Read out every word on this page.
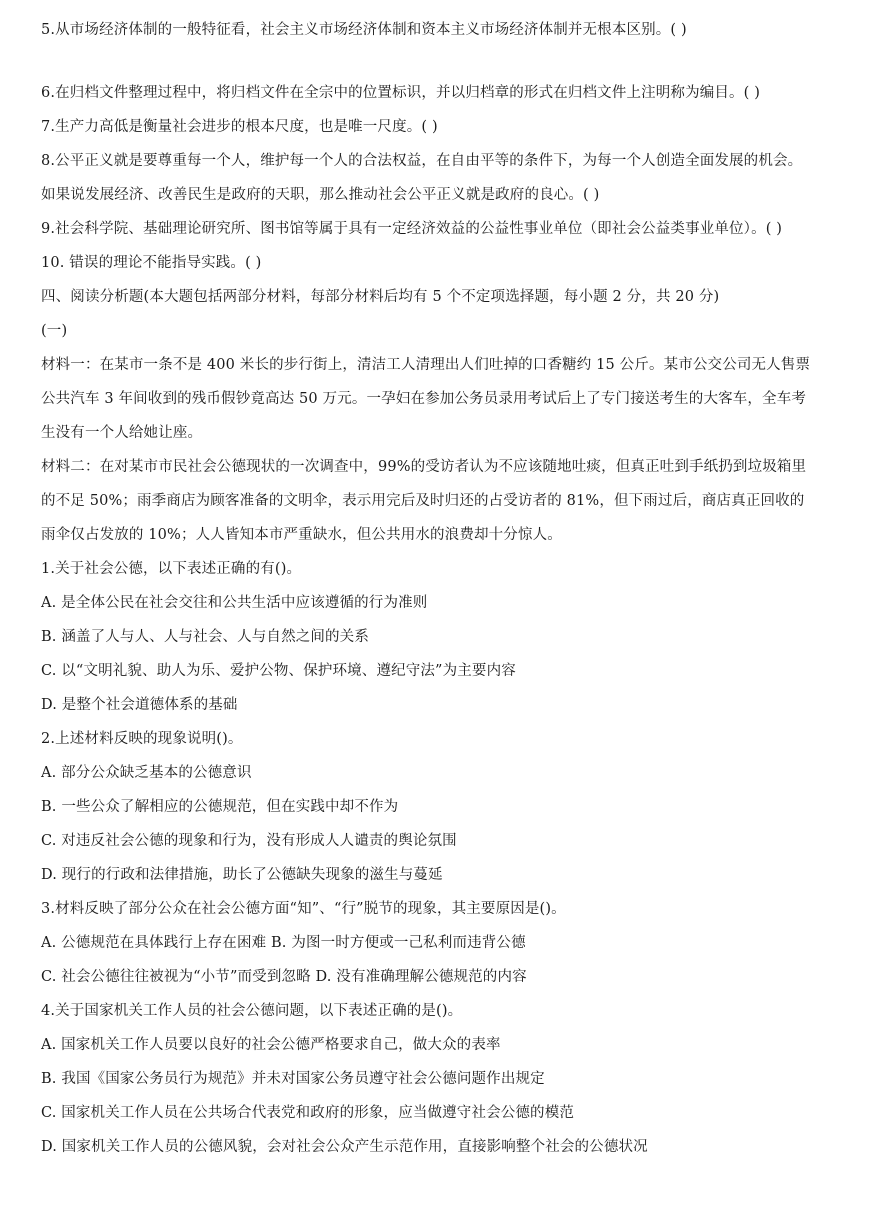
5.从市场经济体制的一般特征看，社会主义市场经济体制和资本主义市场经济体制并无根本区别。( )
6.在归档文件整理过程中，将归档文件在全宗中的位置标识，并以归档章的形式在归档文件上注明称为编目。( )
7.生产力高低是衡量社会进步的根本尺度，也是唯一尺度。( )
8.公平正义就是要尊重每一个人，维护每一个人的合法权益，在自由平等的条件下，为每一个人创造全面发展的机会。
如果说发展经济、改善民生是政府的天职，那么推动社会公平正义就是政府的良心。( )
9.社会科学院、基础理论研究所、图书馆等属于具有一定经济效益的公益性事业单位（即社会公益类事业单位）。( )
10. 错误的理论不能指导实践。( )
四、阅读分析题(本大题包括两部分材料，每部分材料后均有 5 个不定项选择题，每小题 2 分，共 20 分)
(一)
材料一：在某市一条不是 400 米长的步行街上，清洁工人清理出人们吐掉的口香糖约 15 公斤。某市公交公司无人售票
公共汽车 3 年间收到的残币假钞竟高达 50 万元。一孕妇在参加公务员录用考试后上了专门接送考生的大客车，全车考
生没有一个人给她让座。
材料二：在对某市市民社会公德现状的一次调查中，99%的受访者认为不应该随地吐痰，但真正吐到手纸扔到垃圾箱里
的不足 50%；雨季商店为顾客准备的文明伞，表示用完后及时归还的占受访者的 81%，但下雨过后，商店真正回收的
雨伞仅占发放的 10%；人人皆知本市严重缺水，但公共用水的浪费却十分惊人。
1.关于社会公德，以下表述正确的有()。
A. 是全体公民在社会交往和公共生活中应该遵循的行为准则
B. 涵盖了人与人、人与社会、人与自然之间的关系
C. 以“文明礼貌、助人为乐、爱护公物、保护环境、遵纪守法”为主要内容
D. 是整个社会道德体系的基础
2.上述材料反映的现象说明()。
A. 部分公众缺乏基本的公德意识
B. 一些公众了解相应的公德规范，但在实践中却不作为
C. 对违反社会公德的现象和行为，没有形成人人谴责的舆论氛围
D. 现行的行政和法律措施，助长了公德缺失现象的滋生与蔓延
3.材料反映了部分公众在社会公德方面“知”、“行”脱节的现象，其主要原因是()。
A. 公德规范在具体践行上存在困难 B. 为图一时方便或一己私利而违背公德
C. 社会公德往往被视为“小节”而受到忽略 D. 没有准确理解公德规范的内容
4.关于国家机关工作人员的社会公德问题，以下表述正确的是()。
A. 国家机关工作人员要以良好的社会公德严格要求自己，做大众的表率
B. 我国《国家公务员行为规范》并未对国家公务员遵守社会公德问题作出规定
C. 国家机关工作人员在公共场合代表党和政府的形象，应当做遵守社会公德的模范
D. 国家机关工作人员的公德风貌，会对社会公众产生示范作用，直接影响整个社会的公德状况
